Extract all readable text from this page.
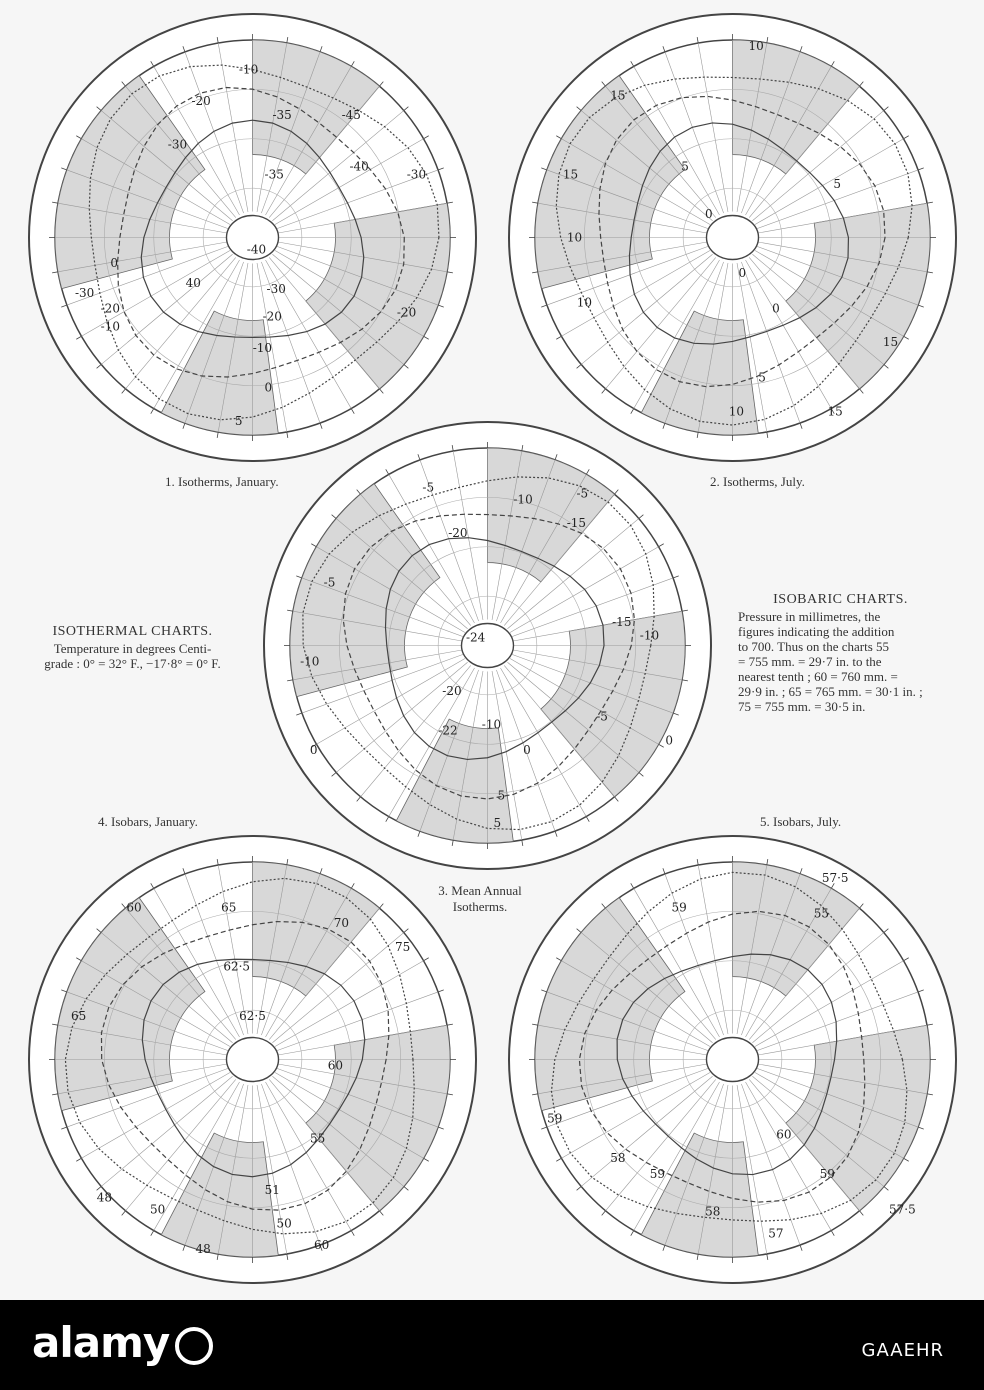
-10
-20
-35	-45
-30
-40
-35	-30
0
40
-40
-30
-20	-20
-30
-10
-20
-10
0
5
10
15
5
15
0
5
10
0
0
5
10
15
15
10
-5
-10	-5
-15
-20
-5
-24
-15
-10
-10
-20
-22 -10
0
0
-5
0
5
5
60	65
70
75
62·5
62·5
65
60
55
51
48
50
48
50
60
57·5
59	55
59
60
58
59	59
58
57
57·5
1. Isotherms, January.	2. Isotherms, July.
3. Mean Annual Isotherms.
4. Isobars, January.	5. Isobars, July.
ISOTHERMAL CHARTS.
Temperature in degrees Centi-
grade : 0° = 32° F., −17·8° = 0° F.
ISOBARIC CHARTS.
Pressure in millimetres, the
figures indicating the addition
to 700. Thus on the charts 55
= 755 mm. = 29·7 in. to the
nearest tenth ; 60 = 760 mm. =
29·9 in. ; 65 = 765 mm. = 30·1 in. ;
75 = 755 mm. = 30·5 in.
alamy	GAAEHR
